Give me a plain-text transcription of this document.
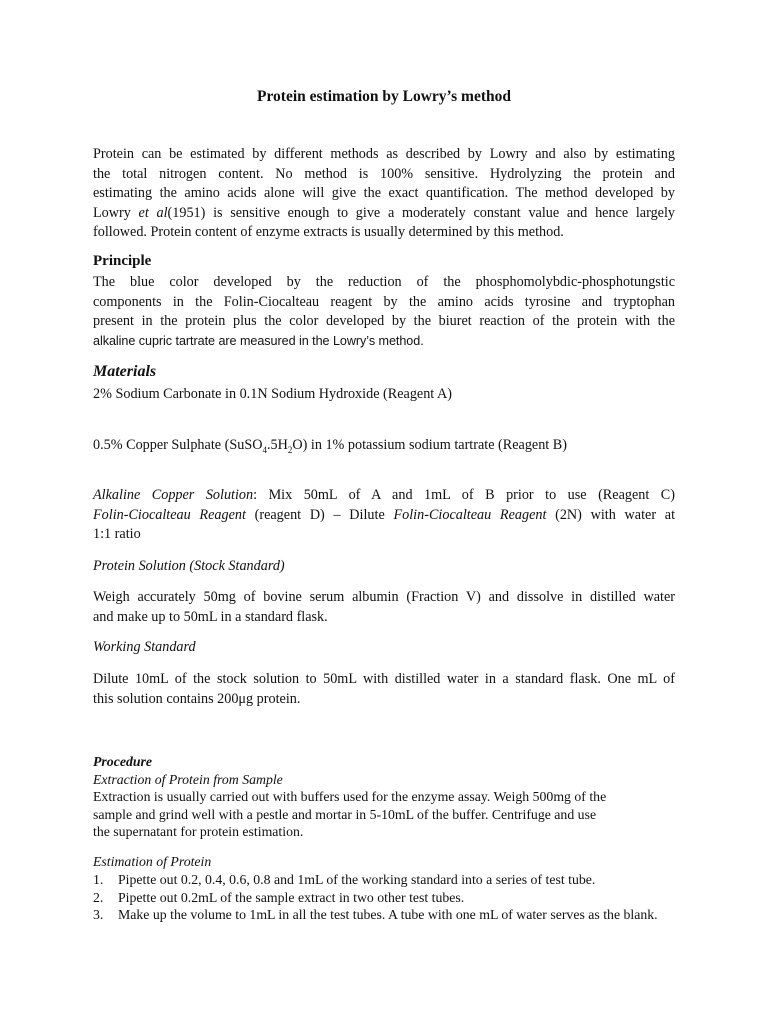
Protein estimation by Lowry’s method
Protein can be estimated by different methods as described by Lowry and also by estimating
the total nitrogen content. No method is 100% sensitive. Hydrolyzing the protein and
estimating the amino acids alone will give the exact quantification. The method developed by
Lowry et al(1951) is sensitive enough to give a moderately constant value and hence largely
followed. Protein content of enzyme extracts is usually determined by this method.
Principle
The blue color developed by the reduction of the phosphomolybdic-phosphotungstic
components in the Folin-Ciocalteau reagent by the amino acids tyrosine and tryptophan
present in the protein plus the color developed by the biuret reaction of the protein with the
alkaline cupric tartrate are measured in the Lowry’s method.
Materials
2% Sodium Carbonate in 0.1N Sodium Hydroxide (Reagent A)
0.5% Copper Sulphate $(SuSO_4.5H_2O)$ in 1% potassium sodium tartrate (Reagent B)
Alkaline Copper Solution: Mix 50mL of A and 1mL of B prior to use (Reagent C)
Folin-Ciocalteau Reagent (reagent D) – Dilute Folin-Ciocalteau Reagent (2N) with water at
1:1 ratio
Protein Solution (Stock Standard)
Weigh accurately 50mg of bovine serum albumin (Fraction V) and dissolve in distilled water
and make up to 50mL in a standard flask.
Working Standard
Dilute 10mL of the stock solution to 50mL with distilled water in a standard flask. One mL of
this solution contains 200μg protein.
Procedure
Extraction of Protein from Sample
Extraction is usually carried out with buffers used for the enzyme assay. Weigh 500mg of the
sample and grind well with a pestle and mortar in 5-10mL of the buffer. Centrifuge and use
the supernatant for protein estimation.
Estimation of Protein
1. Pipette out 0.2, 0.4, 0.6, 0.8 and 1mL of the working standard into a series of test tube.
2. Pipette out 0.2mL of the sample extract in two other test tubes.
3. Make up the volume to 1mL in all the test tubes. A tube with one mL of water serves as the blank.
